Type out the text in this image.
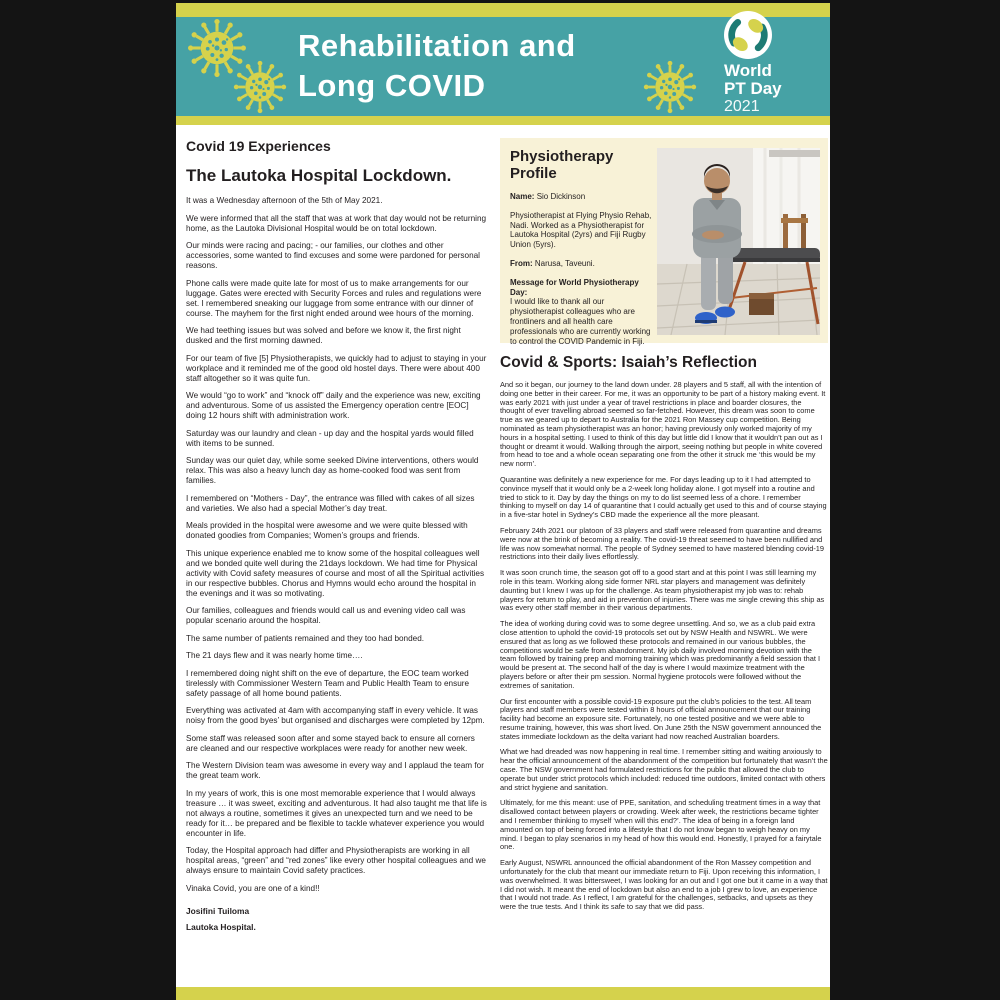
Rehabilitation and
Long COVID	World
PT Day
2021
Covid 19 Experiences
The Lautoka Hospital Lockdown.

It was a Wednesday afternoon of the 5th of May 2021.

We were informed that all the staff that was at work that day would not be returning home, as the Lautoka Divisional Hospital would be on total lockdown.

Our minds were racing and pacing; - our families, our clothes and other accessories, some wanted to find excuses and some were pardoned for personal reasons.

Phone calls were made quite late for most of us to make arrangements for our luggage. Gates were erected with Security Forces and rules and regulations were set. I remembered sneaking our luggage from some entrance with our dinner of course. The mayhem for the first night ended around wee hours of the morning.

We had teething issues but was solved and before we know it, the first night dusked and the first morning dawned.

For our team of five [5] Physiotherapists, we quickly had to adjust to staying in your workplace and it reminded me of the good old hostel days. There were about 400 staff altogether so it was quite fun.

We would “go to work” and “knock off” daily and the experience was new, exciting and adventurous. Some of us assisted the Emergency operation centre [EOC] doing 12 hours shift with administration work.

Saturday was our laundry and clean - up day and the hospital yards would filled with items to be sunned.

Sunday was our quiet day, while some seeked Divine interventions, others would relax. This was also a heavy lunch day as home-cooked food was sent from families.

I remembered on “Mothers - Day”, the entrance was filled with cakes of all sizes and varieties. We also had a special Mother’s day treat.

Meals provided in the hospital were awesome and we were quite blessed with donated goodies from Companies; Women’s groups and friends.

This unique experience enabled me to know some of the hospital colleagues well and we bonded quite well during the 21days lockdown. We had time for Physical activity with Covid safety measures of course and most of all the Spiritual activities in our respective bubbles. Chorus and Hymns would echo around the hospital in the evenings and it was so motivating.

Our families, colleagues and friends would call us and evening video call was popular scenario around the hospital.

The same number of patients remained and they too had bonded.

The 21 days flew and it was nearly home time….

I remembered doing night shift on the eve of departure, the EOC team worked tirelessly with Commissioner Western Team and Public Health Team to ensure safety passage of all home bound patients.

Everything was activated at 4am with accompanying staff in every vehicle. It was noisy from the good byes’ but organised and discharges were completed by 12pm.

Some staff was released soon after and some stayed back to ensure all corners are cleaned and our respective workplaces were ready for another new week.

The Western Division team was awesome in every way and I applaud the team for the great team work.

In my years of work, this is one most memorable experience that I would always treasure … it was sweet, exciting and adventurous. It had also taught me that life is not always a routine, sometimes it gives an unexpected turn and we need to be ready for it… be prepared and be flexible to tackle whatever experience you would encounter in life.

Today, the Hospital approach had differ and Physiotherapists are working in all hospital areas, “green” and “red zones” like every other hospital colleagues and we always ensure to maintain Covid safety practices.

Vinaka Covid, you are one of a kind!!

Josifini Tuiloma

Lautoka Hospital.

Physiotherapy Profile

Name: Sio Dickinson

Physiotherapist at Flying Physio Rehab, Nadi. Worked as a Physiotherapist for Lautoka Hospital (2yrs) and Fiji Rugby Union (5yrs).

From: Narusa, Taveuni.

Message for World Physiotherapy Day:
I would like to thank all our physiotherapist colleagues who are frontliners and all health care professionals who are currently working to control the COVID Pandemic in Fiji.

Covid & Sports: Isaiah’s Reflection

And so it began, our journey to the land down under. 28 players and 5 staff, all with the intention of doing one better in their career. For me, it was an opportunity to be part of a history making event. It was early 2021 with just under a year of travel restrictions in place and boarder closures, the thought of ever travelling abroad seemed so far-fetched. However, this dream was soon to come true as we geared up to depart to Australia for the 2021 Ron Massey cup competition. Being nominated as team physiotherapist was an honor; having previously only worked majority of my hours in a hospital setting. I used to think of this day but little did I know that it wouldn’t pan out as I thought or dreamt it would. Walking through the airport, seeing nothing but people in white covered from head to toe and a whole ocean separating one from the other it struck me ‘this would be my new norm’.

Quarantine was definitely a new experience for me. For days leading up to it I had attempted to convince myself that it would only be a 2-week long holiday alone. I got myself into a routine and tried to stick to it. Day by day the things on my to do list seemed less of a chore. I remember thinking to myself on day 14 of quarantine that I could actually get used to this and of course staying in a five-star hotel in Sydney’s CBD made the experience all the more pleasant.

February 24th 2021 our platoon of 33 players and staff were released from quarantine and dreams were now at the brink of becoming a reality. The covid-19 threat seemed to have been nullified and life was now somewhat normal. The people of Sydney seemed to have mastered blending covid-19 restrictions into their daily lives effortlessly.

It was soon crunch time, the season got off to a good start and at this point I was still learning my role in this team. Working along side former NRL star players and management was definitely daunting but I knew I was up for the challenge. As team physiotherapist my job was to: rehab players for return to play, and aid in prevention of injuries. There was me single crewing this ship as was every other staff member in their various departments.

The idea of working during covid was to some degree unsettling. And so, we as a club paid extra close attention to uphold the covid-19 protocols set out by NSW Health and NSWRL. We were ensured that as long as we followed these protocols and remained in our various bubbles, the competitions would be safe from abandonment. My job daily involved morning devotion with the team followed by training prep and morning training which was predominantly a field session that I would be present at. The second half of the day is where I would maximize treatment with the players before or after their pm session. Normal hygiene protocols were followed without the extremes of sanitation.

Our first encounter with a possible covid-19 exposure put the club’s policies to the test. All team players and staff members were tested within 8 hours of official announcement that our training facility had become an exposure site. Fortunately, no one tested positive and we were able to resume training, however, this was short lived. On June 25th the NSW government announced the states immediate lockdown as the delta variant had now reached Australian boarders.

What we had dreaded was now happening in real time. I remember sitting and waiting anxiously to hear the official announcement of the abandonment of the competition but fortunately that wasn’t the case. The NSW government had formulated restrictions for the public that allowed the club to operate but under strict protocols which included: reduced time outdoors, limited contact with others and strict hygiene and sanitation.

Ultimately, for me this meant: use of PPE, sanitation, and scheduling treatment times in a way that disallowed contact between players or crowding. Week after week, the restrictions became tighter and I remember thinking to myself ‘when will this end?’. The idea of being in a foreign land amounted on top of being forced into a lifestyle that I do not know began to weigh heavy on my mind. I began to play scenarios in my head of how this would end. Honestly, I prayed for a fairytale one.

Early August, NSWRL announced the official abandonment of the Ron Massey competition and unfortunately for the club that meant our immediate return to Fiji. Upon receiving this information, I was overwhelmed. It was bittersweet, I was looking for an out and I got one but it came in a way that I did not wish. It meant the end of lockdown but also an end to a job I grew to love, an experience that I would not trade. As I reflect, I am grateful for the challenges, setbacks, and upsets as they were the true tests. And I think its safe to say that we did pass.
